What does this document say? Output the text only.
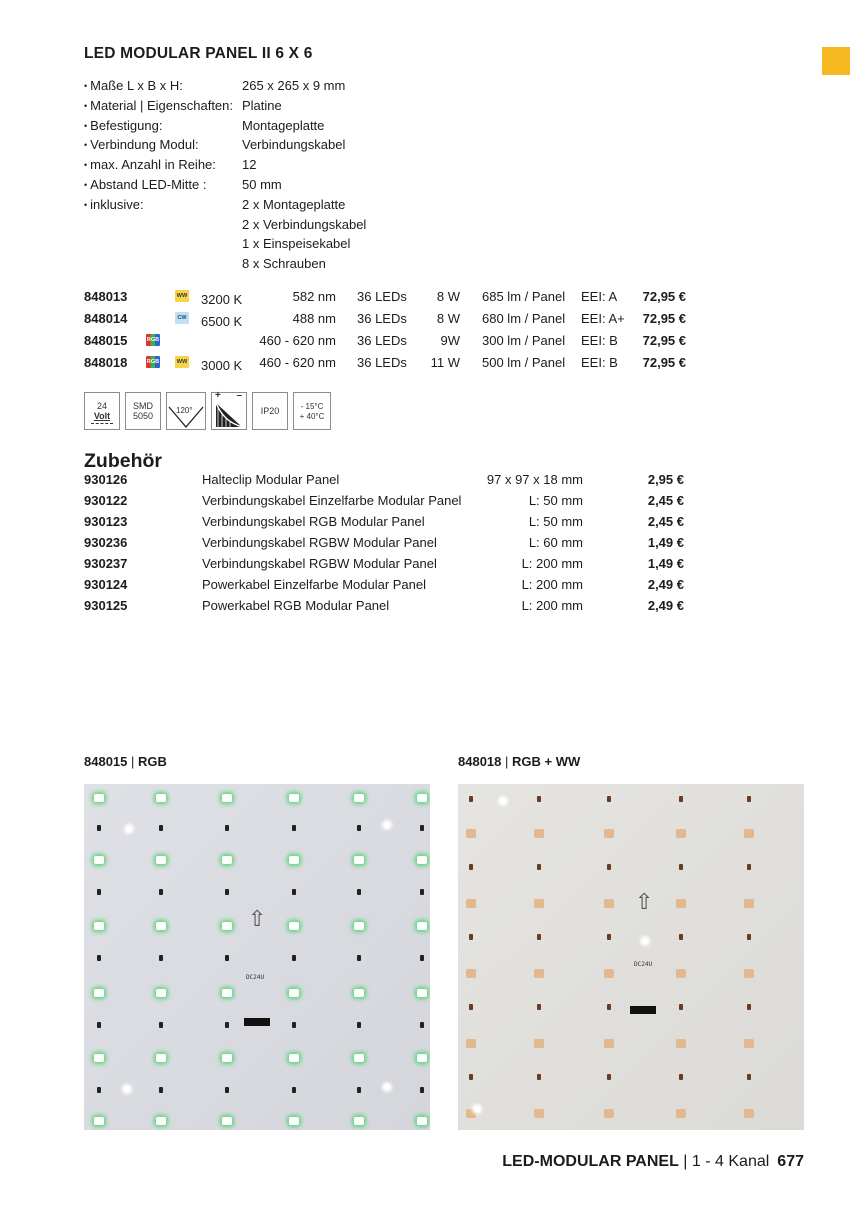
LED MODULAR PANEL II 6 X 6
• Maße L x B x H:	265 x 265 x 9 mm
• Material | Eigenschaften: Platine
• Befestigung:	Montageplatte
• Verbindung Modul:	Verbindungskabel
• max. Anzahl in Reihe:	12
• Abstand LED-Mitte :	50 mm
• inklusive:	2 x Montageplatte
2 x Verbindungskabel
1 x Einspeisekabel
8 x Schrauben
848013	WW 3200 K	582 nm 36 LEDs 8 W 685 lm / Panel EEI: A 72,95 €
848014	CW 6500 K	488 nm 36 LEDs 8 W 680 lm / Panel EEI: A+ 72,95 €
848015	RGB	460 - 620 nm 36 LEDs	9W 300 lm / Panel EEI: B 72,95 €
848018	RGB	WW 3000 K 460 - 620 nm 36 LEDs 11 W 500 lm / Panel EEI: B 72,95 €
24
Volt
SMD
5050	120°
+ –
IP20	- 15°C
+ 40°C
Zubehör
930126	Halteclip Modular Panel	97 x 97 x 18 mm	2,95 €
930122	Verbindungskabel Einzelfarbe Modular Panel	L: 50 mm	2,45 €
930123	Verbindungskabel RGB Modular Panel	L: 50 mm	2,45 €
930236	Verbindungskabel RGBW Modular Panel	L: 60 mm	1,49 €
930237	Verbindungskabel RGBW Modular Panel	L: 200 mm	1,49 €
930124	Powerkabel Einzelfarbe Modular Panel	L: 200 mm	2,49 €
930125	Powerkabel RGB Modular Panel	L: 200 mm	2,49 €
848015 | RGB	848018 | RGB + WW
⇧
DC24U
⇧
DC24U
LED-MODULAR PANEL | 1 - 4 Kanal 677
